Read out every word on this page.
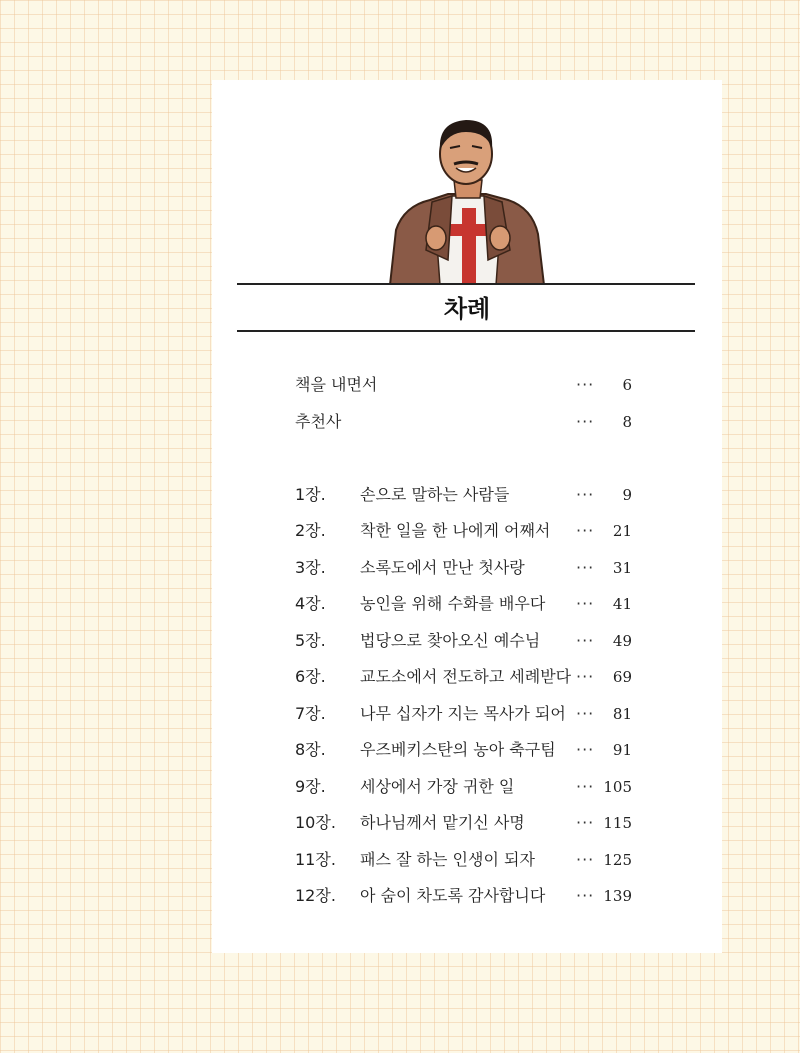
차례
책을 내면서	··· 6
추천사	··· 8
1장.	손으로 말하는 사람들	··· 9
2장.	착한 일을 한 나에게 어째서 ··· 21
3장.	소록도에서 만난 첫사랑	··· 31
4장.	농인을 위해 수화를 배우다 ··· 41
5장.	법당으로 찾아오신 예수님 ··· 49
6장.	교도소에서 전도하고 세례받다 ··· 69
7장.	나무 십자가 지는 목사가 되어 ··· 81
8장.	우즈베키스탄의 농아 축구팀 ··· 91
9장.	세상에서 가장 귀한 일	··· 105
10장.	하나님께서 맡기신 사명	··· 115
11장.	패스 잘 하는 인생이 되자	··· 125
12장.	아 숨이 차도록 감사합니다 ··· 139
